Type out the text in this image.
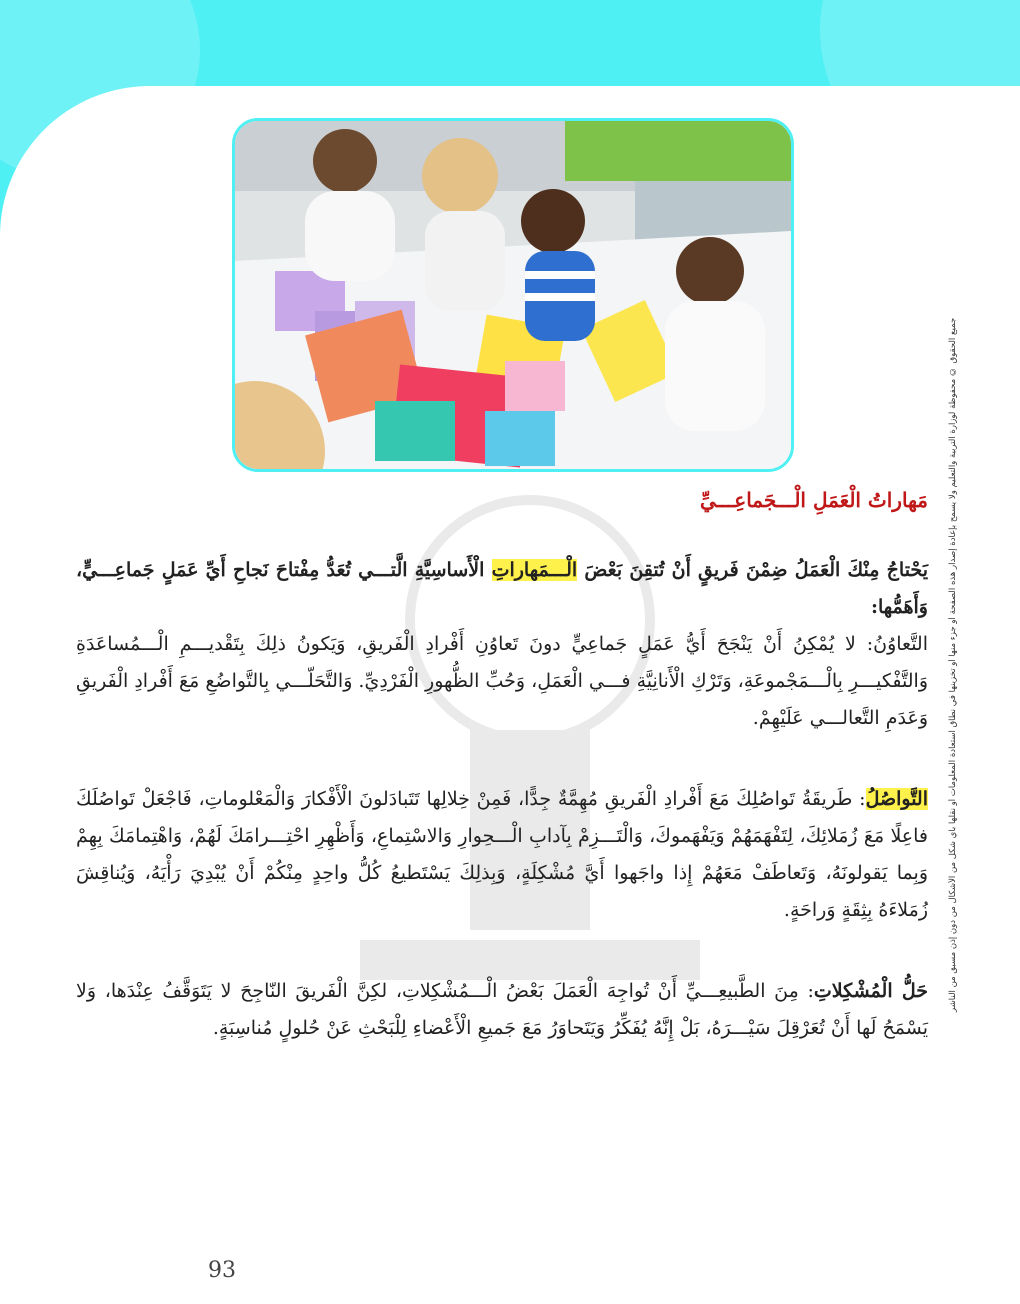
جميع الحقوق © محفوظة لوزارة التربية والتعليم ولا يسمح بإعادة إصدار هذه الصفحة أو جزء منها أو تخزينها في نطاق استعادة المعلومات أو نقلها بأي شكل من الأشكال من دون إذن مسبق من الناشر
مَهاراتُ الْعَمَلِ الْـــجَماعِـــيِّ

يَحْتاجُ مِنْكَ الْعَمَلُ ضِمْنَ فَريقٍ أَنْ تُتقِنَ بَعْضَ الْـــمَهاراتِ الْأَساسِيَّةِ الَّتـــي تُعَدُّ مِفْتاحَ نَجاحِ أَيِّ عَمَلٍ جَماعِـــيٍّ، وَأَهَمُّها:

التَّعاوُنُ: لا يُمْكِنُ أَنْ يَنْجَحَ أَيُّ عَمَلٍ جَماعِيٍّ دونَ تَعاوُنِ أَفْرادِ الْفَريقِ، وَيَكونُ ذلِكَ بِتَقْديـــمِ الْـــمُساعَدَةِ وَالتَّفْكيـــرِ بِالْـــمَجْموعَةِ، وَتَرْكِ الْأَنانِيَّةِ فـــي الْعَمَلِ، وَحُبِّ الظُّهورِ الْفَرْدِيِّ. وَالتَّحَلّـــي بِالتَّواضُعِ مَعَ أَفْرادِ الْفَريقِ وَعَدَمِ التَّعالـــي عَلَيْهِمْ.

التَّواصُلُ: طَريقَةُ تَواصُلِكَ مَعَ أَفْرادِ الْفَريقِ مُهِمَّةٌ جِدًّا، فَمِنْ خِلالِها تَتَبادَلونَ الْأَفْكارَ وَالْمَعْلوماتِ، فَاجْعَلْ تَواصُلَكَ فاعِلًا مَعَ زُمَلائِكَ، لِتَفْهَمَهُمْ وَيَفْهَموكَ، وَالْتَـــزِمْ بِآدابِ الْـــحِوارِ وَالاسْتِماعِ، وَأَظْهِرِ احْتِـــرامَكَ لَهُمْ، وَاهْتِمامَكَ بِهِمْ وَبِما يَقولونَهُ، وَتَعاطَفْ مَعَهُمْ إِذا واجَهوا أَيَّ مُشْكِلَةٍ، وَبِذلِكَ يَسْتَطيعُ كُلُّ واحِدٍ مِنْكُمْ أَنْ يُبْدِيَ رَأْيَهُ، وَيُناقِشَ زُمَلاءَهُ بِثِقَةٍ وَراحَةٍ.

حَلُّ الْمُشْكِلاتِ: مِنَ الطَّبيعِـــيِّ أَنْ تُواجِهَ الْعَمَلَ بَعْضُ الْـــمُشْكِلاتِ، لكِنَّ الْفَريقَ النّاجِحَ لا يَتَوَقَّفُ عِنْدَها، وَلا يَسْمَحُ لَها أَنْ تُعَرْقِلَ سَيْـــرَهُ، بَلْ إِنَّهُ يُفَكِّرُ وَيَتَحاوَرُ مَعَ جَميعِ الْأَعْضاءِ لِلْبَحْثِ عَنْ حُلولٍ مُناسِبَةٍ.

93
